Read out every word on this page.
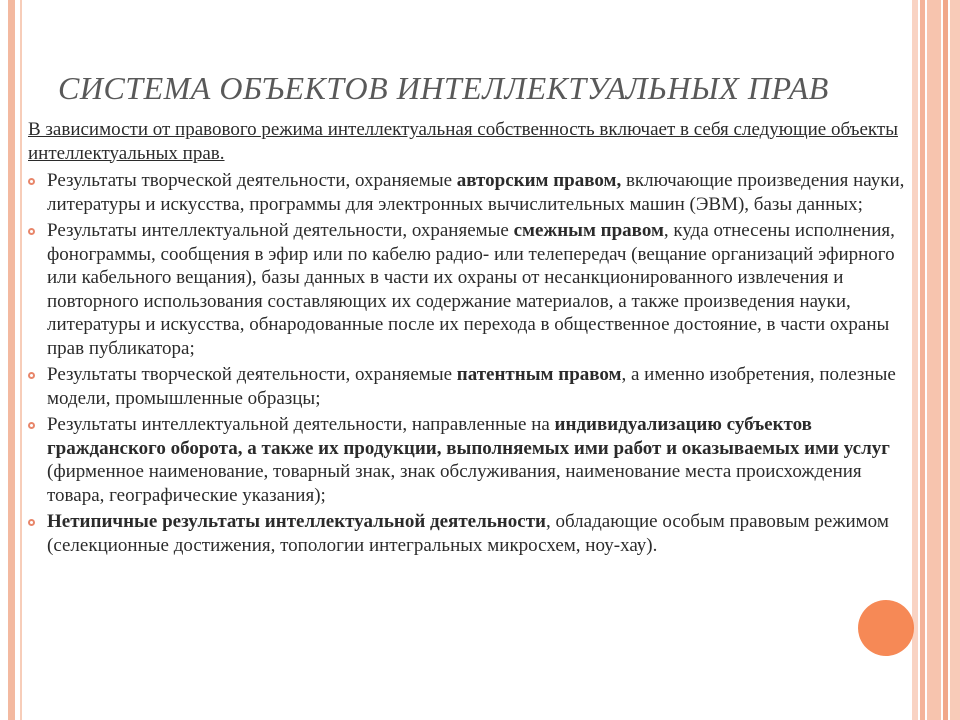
СИСТЕМА ОБЪЕКТОВ ИНТЕЛЛЕКТУАЛЬНЫХ ПРАВ
В зависимости от правового режима интеллектуальная собственность включает в себя следующие объекты интеллектуальных прав.
Результаты творческой деятельности, охраняемые авторским правом, включающие произведения науки, литературы и искусства, программы для электронных вычислительных машин (ЭВМ), базы данных;
Результаты интеллектуальной деятельности, охраняемые смежным правом, куда отнесены исполнения, фонограммы, сообщения в эфир или по кабелю радио- или телепередач (вещание организаций эфирного или кабельного вещания), базы данных в части их охраны от несанкционированного извлечения и повторного использования составляющих их содержание материалов, а также произведения науки, литературы и искусства, обнародованные после их перехода в общественное достояние, в части охраны прав публикатора;
Результаты творческой деятельности, охраняемые патентным правом, а именно изобретения, полезные модели, промышленные образцы;
Результаты интеллектуальной деятельности, направленные на индивидуализацию субъектов гражданского оборота, а также их продукции, выполняемых ими работ и оказываемых ими услуг (фирменное наименование, товарный знак, знак обслуживания, наименование места происхождения товара, географические указания);
Нетипичные результаты интеллектуальной деятельности, обладающие особым правовым режимом (селекционные достижения, топологии интегральных микросхем, ноу-хау).
